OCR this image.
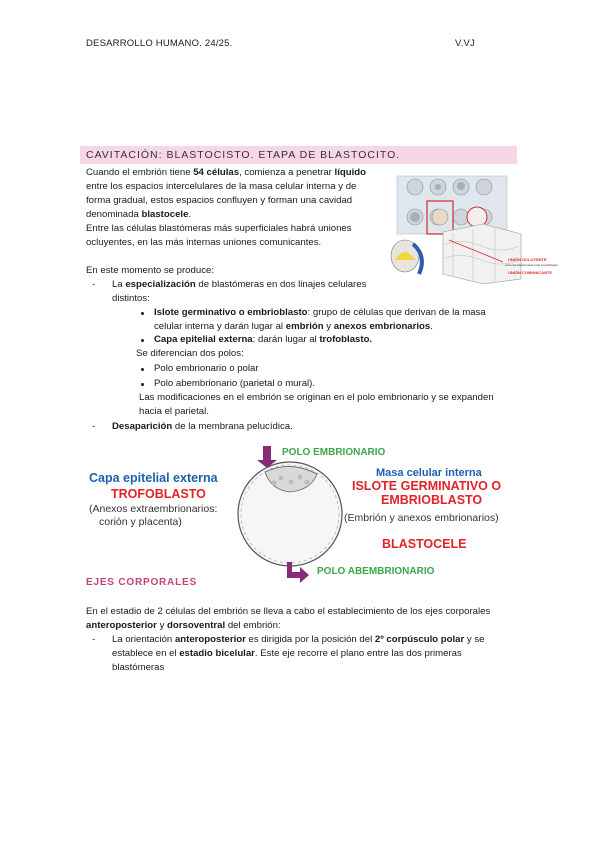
DESARROLLO HUMANO. 24/25.	V.VJ
CAVITACIÓN: BLASTOCISTO. ETAPA DE BLASTOCITO.
Cuando el embrión tiene 54 células, comienza a penetrar líquido
entre los espacios intercelulares de la masa celular interna y de
forma gradual, estos espacios confluyen y forman una cavidad
denominada blastocele.
Entre las células blastómeras más superficiales habrá uniones
ocluyentes, en las más internas uniones comunicantes.
En este momento se produce:
- La especialización de blastómeras en dos linajes celulares
distintos:
Islote germinativo o embrioblasto: grupo de células que derivan de la masa
celular interna y darán lugar al embrión y anexos embrionarios.
Capa epitelial externa: darán lugar al trofoblasto.
Se diferencian dos polos:
Polo embrionario o polar
Polo abembrionario (parietal o mural).
Las modificaciones en el embrión se originan en el polo embrionario y se expanden
hacia el parietal.
- Desaparición de la membrana pelucídica.
UNIÓN OCLUYENTE
entre las blastómeras más superficiales
UNIÓN COMUNICANTE
POLO EMBRIONARIO
POLO ABEMBRIONARIO
Capa epitelial externa
TROFOBLASTO
(Anexos extraembrionarios:
corión y placenta)
Masa celular interna
ISLOTE GERMINATIVO O
EMBRIOBLASTO
(Embrión y anexos embrionarios)
BLASTOCELE
EJES CORPORALES
En el estadio de 2 células del embrión se lleva a cabo el establecimiento de los ejes corporales
anteroposterior y dorsoventral del embrión:
- La orientación anteroposterior es dirigida por la posición del 2º corpúsculo polar y se
establece en el estadio bicelular. Este eje recorre el plano entre las dos primeras
blastómeras
